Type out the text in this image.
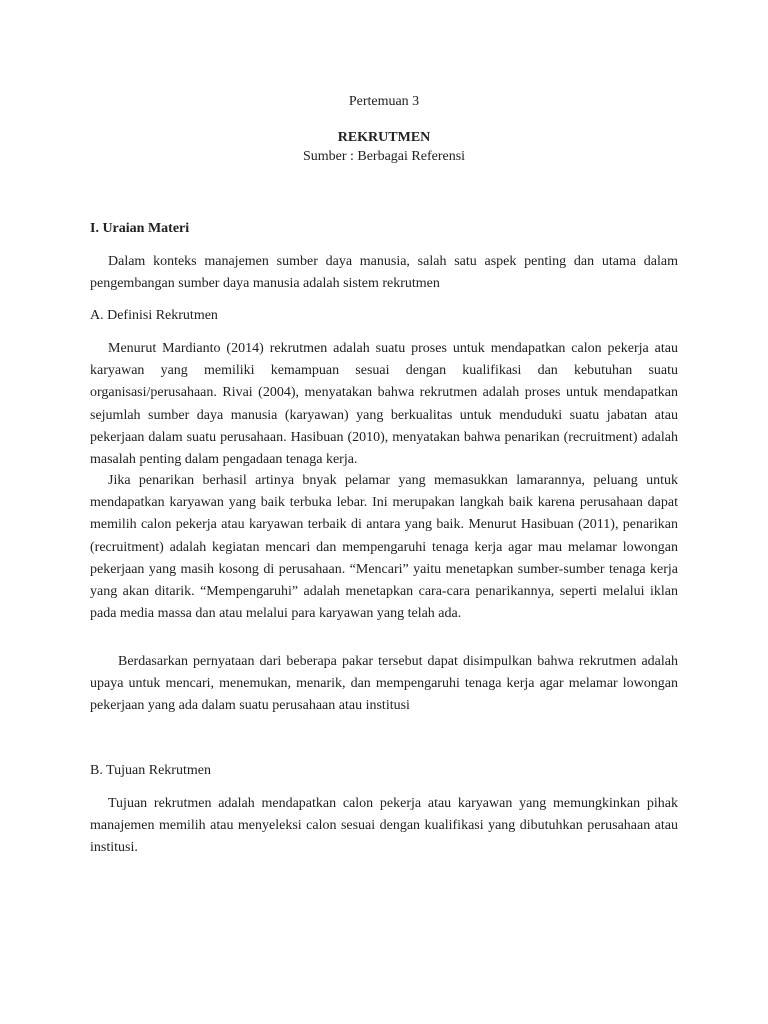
Pertemuan 3
REKRUTMEN
Sumber : Berbagai Referensi
I. Uraian Materi

Dalam konteks manajemen sumber daya manusia, salah satu aspek penting dan utama dalam pengembangan sumber daya manusia adalah sistem rekrutmen

A. Definisi Rekrutmen

Menurut Mardianto (2014) rekrutmen adalah suatu proses untuk mendapatkan calon pekerja atau karyawan yang memiliki kemampuan sesuai dengan kualifikasi dan kebutuhan suatu organisasi/perusahaan. Rivai (2004), menyatakan bahwa rekrutmen adalah proses untuk mendapatkan sejumlah sumber daya manusia (karyawan) yang berkualitas untuk menduduki suatu jabatan atau pekerjaan dalam suatu perusahaan. Hasibuan (2010), menyatakan bahwa penarikan (recruitment) adalah masalah penting dalam pengadaan tenaga kerja.

Jika penarikan berhasil artinya bnyak pelamar yang memasukkan lamarannya, peluang untuk mendapatkan karyawan yang baik terbuka lebar. Ini merupakan langkah baik karena perusahaan dapat memilih calon pekerja atau karyawan terbaik di antara yang baik. Menurut Hasibuan (2011), penarikan (recruitment) adalah kegiatan mencari dan mempengaruhi tenaga kerja agar mau melamar lowongan pekerjaan yang masih kosong di perusahaan. “Mencari” yaitu menetapkan sumber-sumber tenaga kerja yang akan ditarik. “Mempengaruhi” adalah menetapkan cara-cara penarikannya, seperti melalui iklan pada media massa dan atau melalui para karyawan yang telah ada.

Berdasarkan pernyataan dari beberapa pakar tersebut dapat disimpulkan bahwa rekrutmen adalah upaya untuk mencari, menemukan, menarik, dan mempengaruhi tenaga kerja agar melamar lowongan pekerjaan yang ada dalam suatu perusahaan atau institusi

B. Tujuan Rekrutmen

Tujuan rekrutmen adalah mendapatkan calon pekerja atau karyawan yang memungkinkan pihak manajemen memilih atau menyeleksi calon sesuai dengan kualifikasi yang dibutuhkan perusahaan atau institusi.
